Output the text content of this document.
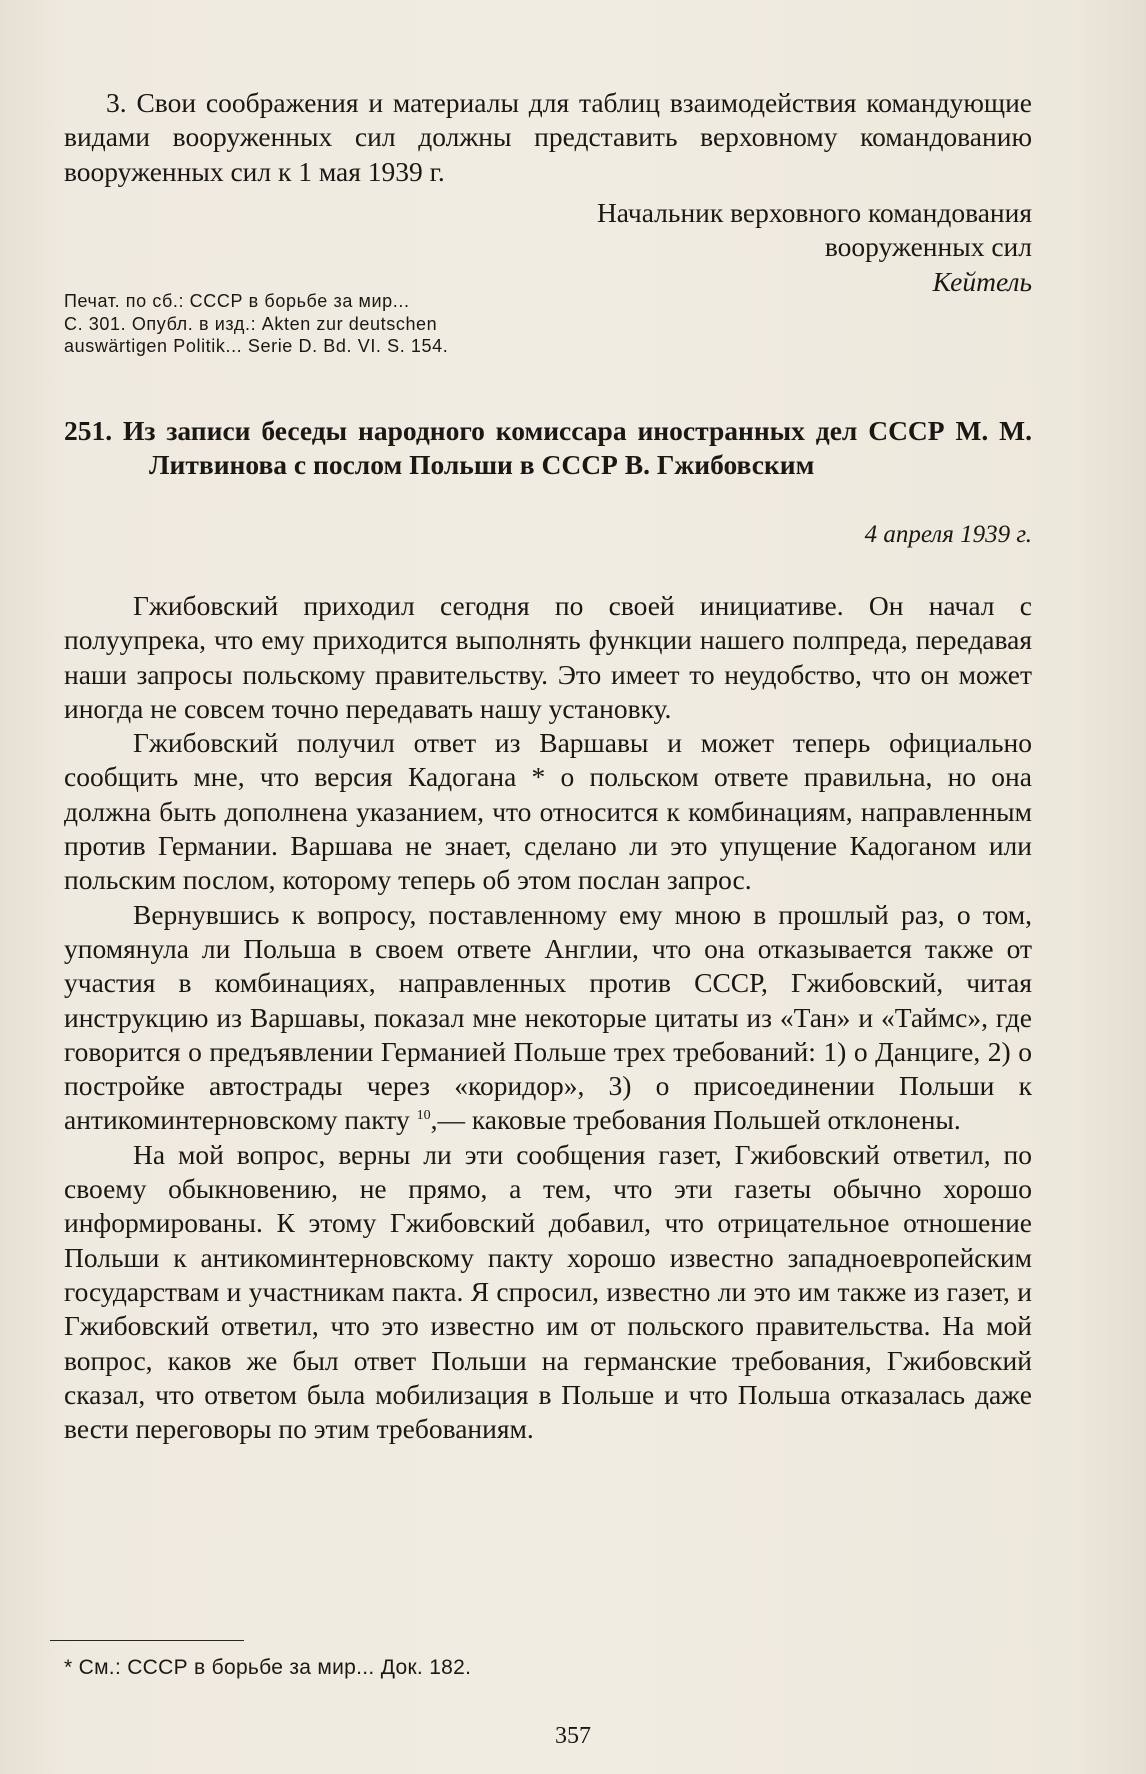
3. Свои соображения и материалы для таблиц взаимодействия командующие видами вооруженных сил должны представить верховному командованию вооруженных сил к 1 мая 1939 г.

Начальник верховного командования

вооруженных сил

Кейтель

Печат. по сб.: СССР в борьбе за мир...

С. 301. Опубл. в изд.: Akten zur deutschen

auswärtigen Politik... Serie D. Bd. VI. S. 154.

251. Из записи беседы народного комиссара иностранных дел СССР М. М. Литвинова с послом Польши в СССР В. Гжибовским

4 апреля 1939 г.

Гжибовский приходил сегодня по своей инициативе. Он начал с полуупрека, что ему приходится выполнять функции нашего полпреда, передавая наши запросы польскому правительству. Это имеет то неудобство, что он может иногда не совсем точно передавать нашу установку.

Гжибовский получил ответ из Варшавы и может теперь официально сообщить мне, что версия Кадогана * о польском ответе правильна, но она должна быть дополнена указанием, что относится к комбинациям, направленным против Германии. Варшава не знает, сделано ли это упущение Кадоганом или польским послом, которому теперь об этом послан запрос.

Вернувшись к вопросу, поставленному ему мною в прошлый раз, о том, упомянула ли Польша в своем ответе Англии, что она отказывается также от участия в комбинациях, направленных против СССР, Гжибовский, читая инструкцию из Варшавы, показал мне некоторые цитаты из «Тан» и «Таймс», где говорится о предъявлении Германией Польше трех требований: 1) о Данциге, 2) о постройке автострады через «коридор», 3) о присоединении Польши к антикоминтерновскому пакту $^{10}$,— каковые требования Польшей отклонены.

На мой вопрос, верны ли эти сообщения газет, Гжибовский ответил, по своему обыкновению, не прямо, а тем, что эти газеты обычно хорошо информированы. К этому Гжибовский добавил, что отрицательное отношение Польши к антикоминтерновскому пакту хорошо известно западноевропейским государствам и участникам пакта. Я спросил, известно ли это им также из газет, и Гжибовский ответил, что это известно им от польского правительства. На мой вопрос, каков же был ответ Польши на германские требования, Гжибовский сказал, что ответом была мобилизация в Польше и что Польша отказалась даже вести переговоры по этим требованиям.

* См.: СССР в борьбе за мир... Док. 182.

357
